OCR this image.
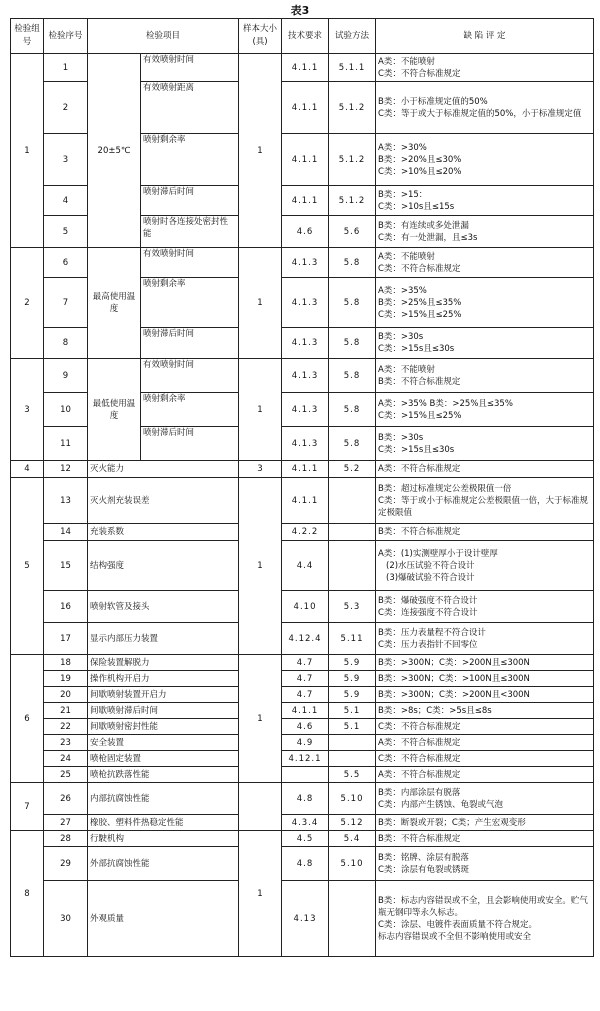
表3
检验组号	检验序号	检验项目		样本大小(具)	技术要求	试验方法	缺 陷 评 定
1	1	20±5℃	有效喷射时间	1	4.1.1	5.1.1	A类：不能喷射
C类：不符合标准规定

	2		有效喷射距离		4.1.1	5.1.2	B类：小于标准规定值的50%
C类：等于或大于标准规定值的50%，小于标准规定值

	3		喷射剩余率		4.1.1	5.1.2	A类：>30%
B类：>20%且≤30%
C类：>10%且≤20%

	4		喷射滞后时间		4.1.1	5.1.2	B类：>15：
C类：>10s且≤15s

	5		喷射时各连接处密封性能		4.6	5.6	B类：有连续或多处泄漏
C类：有一处泄漏，且≤3s

2	6	最高使用温度	有效喷射时间	1	4.1.3	5.8	A类：不能喷射
C类：不符合标准规定

	7		喷射剩余率		4.1.3	5.8	A类：>35%
B类：>25%且≤35%
C类：>15%且≤25%

	8		喷射滞后时间		4.1.3	5.8	B类：>30s
C类：>15s且≤30s

3	9	最低使用温度	有效喷射时间	1	4.1.3	5.8	A类：不能喷射
B类：不符合标准规定

	10		喷射剩余率		4.1.3	5.8	A类：>35% B类：>25%且≤35%
C类：>15%且≤25%

	11		喷射滞后时间		4.1.3	5.8	B类：>30s
C类：>15s且≤30s

4	12	灭火能力		3	4.1.1	5.2	A类：不符合标准规定

5	13	灭火剂充装误差		1	4.1.1		B类：超过标准规定公差极限值一倍
C类：等于或小于标准规定公差极限值一倍，大于标准规定极限值

	14	充装系数			4.2.2		B类：不符合标准规定

	15	结构强度			4.4		A类：(1)实测壁厚小于设计壁厚
(2)水压试验不符合设计
(3)爆破试验不符合设计

	16	喷射软管及接头			4.10	5.3	B类：爆破强度不符合设计
C类：连接强度不符合设计

	17	显示内部压力装置			4.12.4	5.11	B类：压力表量程不符合设计
C类：压力表指针不回零位

6	18	保险装置解脱力		1	4.7	5.9	B类：>300N；C类：>200N且≤300N

	19	操作机构开启力			4.7	5.9	B类：>300N；C类：>100N且≤300N

	20	间歇喷射装置开启力			4.7	5.9	B类：>300N；C类：>200N且<300N

	21	间歇喷射滞后时间			4.1.1	5.1	B类：>8s；C类：>5s且≤8s

	22	间歇喷射密封性能			4.6	5.1	C类：不符合标准规定

	23	安全装置			4.9		A类：不符合标准规定

	24	喷枪固定装置			4.12.1		C类：不符合标准规定

	25	喷枪抗跌落性能				5.5	A类：不符合标准规定

7	26	内部抗腐蚀性能			4.8	5.10	B类：内部涂层有脱落
C类：内部产生锈蚀、龟裂或气泡

	27	橡胶、塑料件热稳定性能			4.3.4	5.12	B类：断裂或开裂；C类；产生宏观变形

8	28	行駛机构		1	4.5	5.4	B类：不符合标准规定

	29	外部抗腐蚀性能			4.8	5.10	B类：铭牌、涂层有脱落
C类：涂层有龟裂或锈斑

	30	外观质量			4.13		B类：标志内容错误或不全，且会影响使用或安全。贮气瓶无钢印等永久标志。
C类：涂层、电镀件表面质量不符合规定。
标志内容错误或不全但不影响使用或安全
